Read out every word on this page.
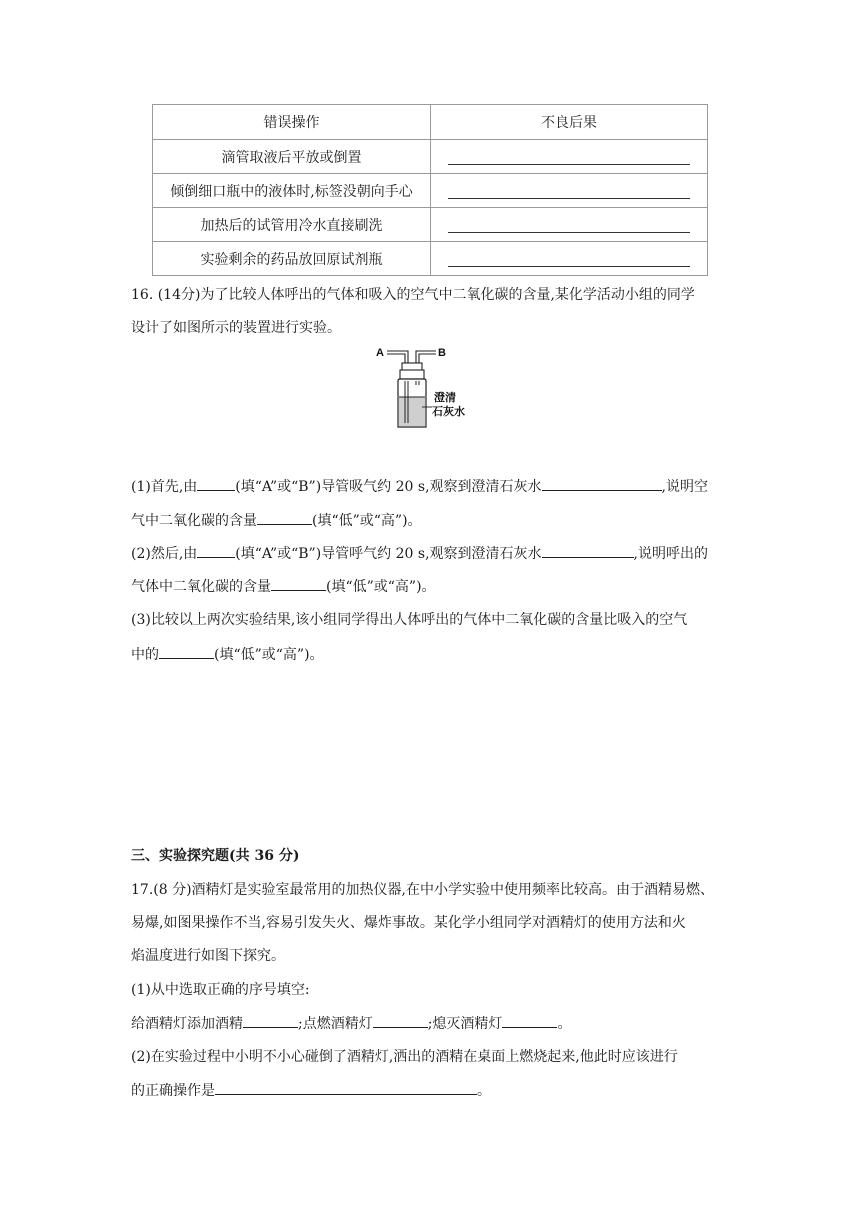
错误操作	不良后果
滴管取液后平放或倒置	
倾倒细口瓶中的液体时,标签没朝向手心	
加热后的试管用冷水直接刷洗	
实验剩余的药品放回原试剂瓶	
16. (14分)为了比较人体呼出的气体和吸入的空气中二氧化碳的含量,某化学活动小组的同学
设计了如图所示的装置进行实验。
A	B
澄清
石灰水
(1)首先,由	(填“A”或“B”)导管吸气约 20 s,观察到澄清石灰水	,说明空
气中二氧化碳的含量	(填“低”或“高”)。
(2)然后,由	(填“A”或“B”)导管呼气约 20 s,观察到澄清石灰水	,说明呼出的
气体中二氧化碳的含量	(填“低”或“高”)。
(3)比较以上两次实验结果,该小组同学得出人体呼出的气体中二氧化碳的含量比吸入的空气
中的	(填“低”或“高”)。
三、实验探究题(共 36 分)
17.(8 分)酒精灯是实验室最常用的加热仪器,在中小学实验中使用频率比较高。由于酒精易燃、
易爆,如图果操作不当,容易引发失火、爆炸事故。某化学小组同学对酒精灯的使用方法和火
焰温度进行如图下探究。
(1)从中选取正确的序号填空:
给酒精灯添加酒精	;点燃酒精灯	;熄灭酒精灯	。
(2)在实验过程中小明不小心碰倒了酒精灯,洒出的酒精在桌面上燃烧起来,他此时应该进行
的正确操作是	。
